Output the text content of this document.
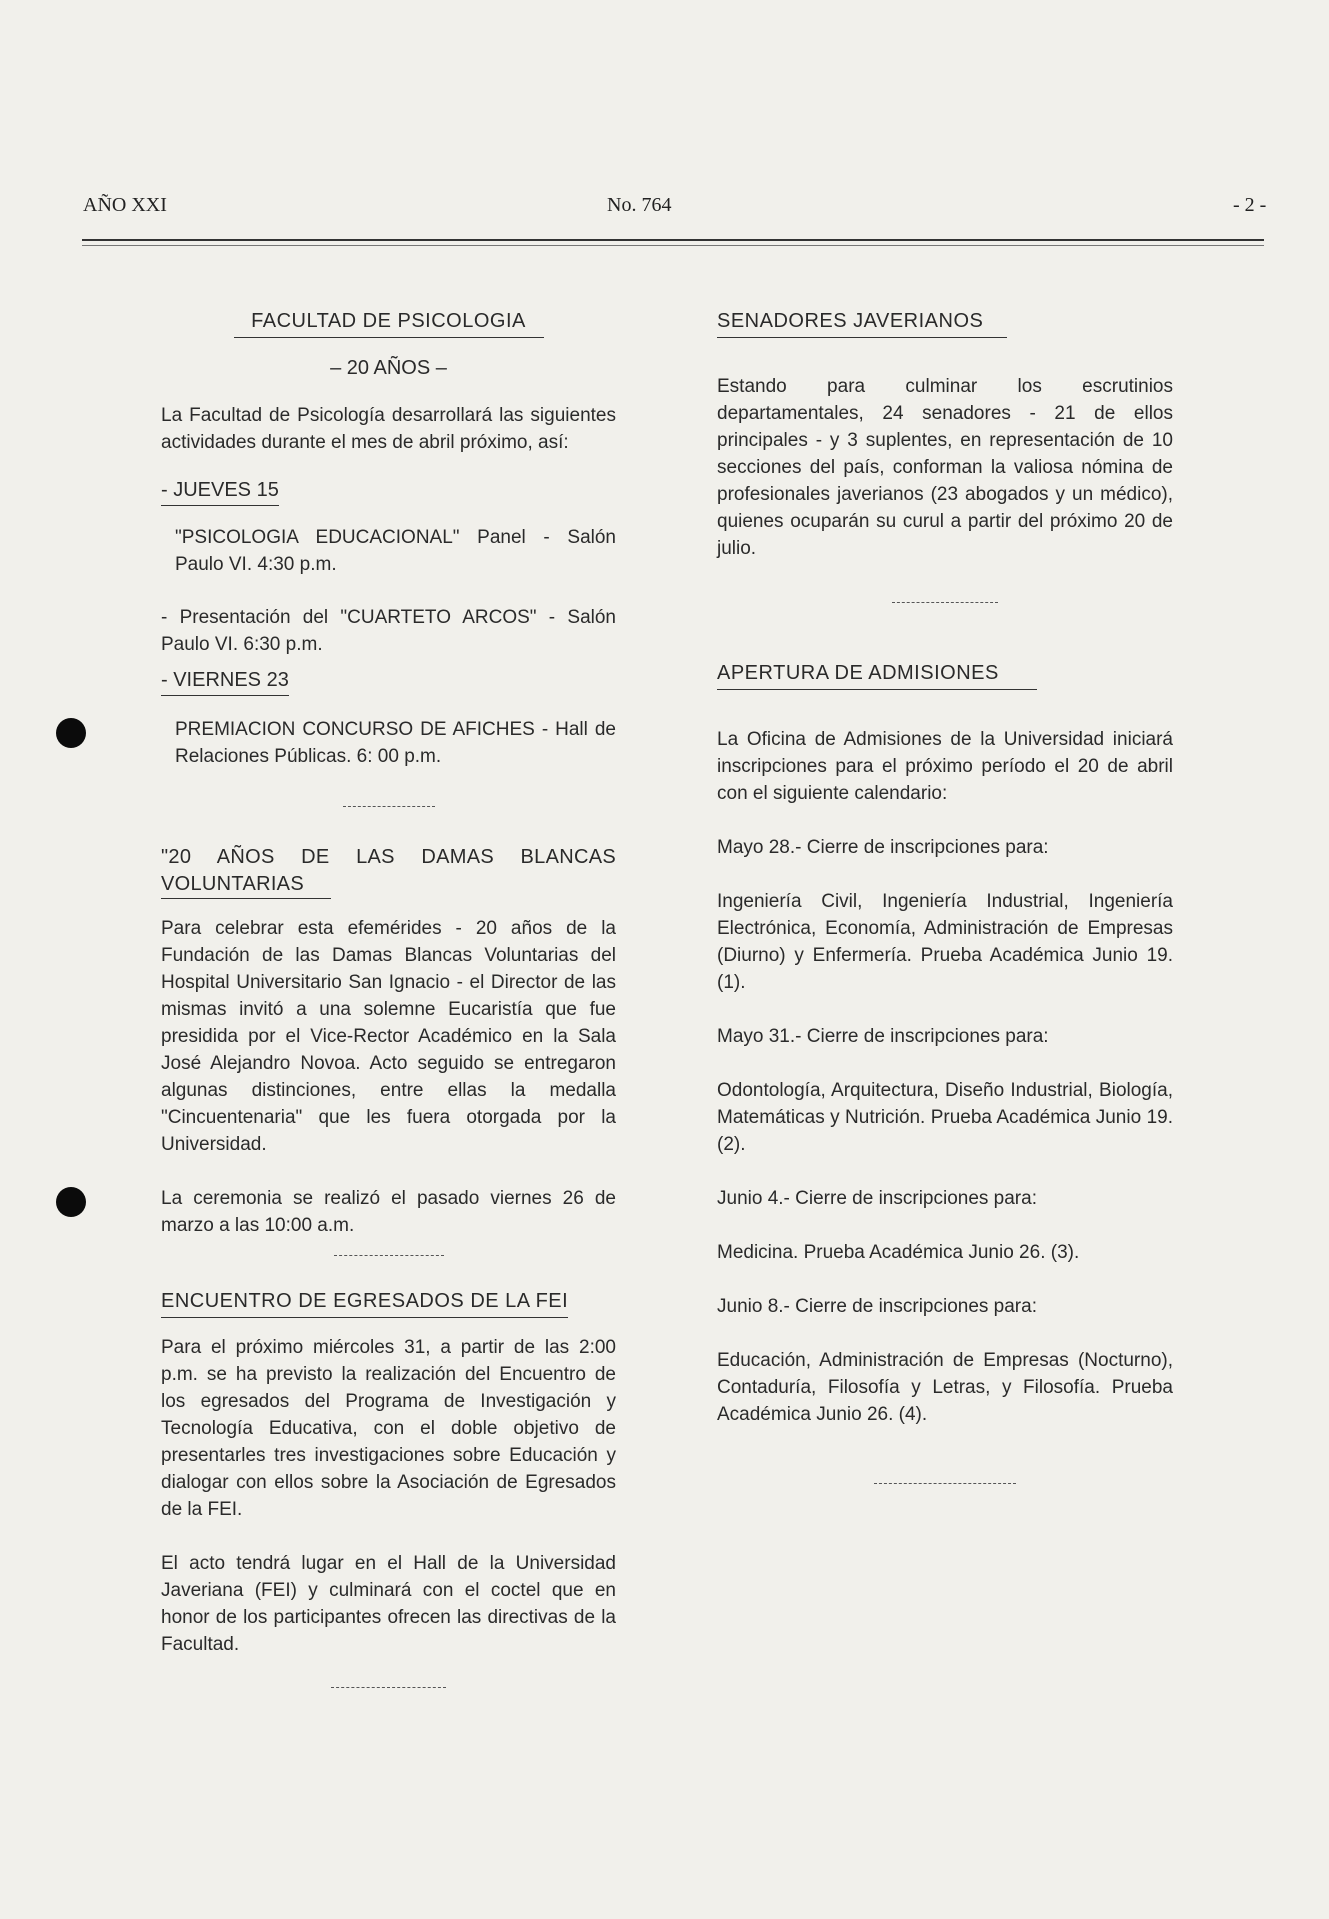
AÑO XXI	No. 764	- 2 -
FACULTAD DE PSICOLOGIA
– 20 AÑOS –

La Facultad de Psicología desarrollará las siguientes actividades durante el mes de abril próximo, así:

- JUEVES 15

"PSICOLOGIA EDUCACIONAL" Panel - Salón Paulo VI. 4:30 p.m.

- Presentación del "CUARTETO ARCOS" - Salón Paulo VI. 6:30 p.m.

- VIERNES 23

PREMIACION CONCURSO DE AFICHES - Hall de Relaciones Públicas. 6: 00 p.m.

"20 AÑOS DE LAS DAMAS BLANCAS VOLUNTARIAS

Para celebrar esta efemérides - 20 años de la Fundación de las Damas Blancas Voluntarias del Hospital Universitario San Ignacio - el Director de las mismas invitó a una solemne Eucaristía que fue presidida por el Vice-Rector Académico en la Sala José Alejandro Novoa. Acto seguido se entregaron algunas distinciones, entre ellas la medalla "Cincuentenaria" que les fuera otorgada por la Universidad.

La ceremonia se realizó el pasado viernes 26 de marzo a las 10:00 a.m.

ENCUENTRO DE EGRESADOS DE LA FEI

Para el próximo miércoles 31, a partir de las 2:00 p.m. se ha previsto la realización del Encuentro de los egresados del Programa de Investigación y Tecnología Educativa, con el doble objetivo de presentarles tres investigaciones sobre Educación y dialogar con ellos sobre la Asociación de Egresados de la FEI.

El acto tendrá lugar en el Hall de la Universidad Javeriana (FEI) y culminará con el coctel que en honor de los participantes ofrecen las directivas de la Facultad.

SENADORES JAVERIANOS

Estando para culminar los escrutinios departamentales, 24 senadores - 21 de ellos principales - y 3 suplentes, en representación de 10 secciones del país, conforman la valiosa nómina de profesionales javerianos (23 abogados y un médico), quienes ocuparán su curul a partir del próximo 20 de julio.

APERTURA DE ADMISIONES

La Oficina de Admisiones de la Universidad iniciará inscripciones para el próximo período el 20 de abril con el siguiente calendario:

Mayo 28.- Cierre de inscripciones para:

Ingeniería Civil, Ingeniería Industrial, Ingeniería Electrónica, Economía, Administración de Empresas (Diurno) y Enfermería. Prueba Académica Junio 19. (1).

Mayo 31.- Cierre de inscripciones para:

Odontología, Arquitectura, Diseño Industrial, Biología, Matemáticas y Nutrición. Prueba Académica Junio 19. (2).

Junio 4.- Cierre de inscripciones para:

Medicina. Prueba Académica Junio 26. (3).

Junio 8.- Cierre de inscripciones para:

Educación, Administración de Empresas (Nocturno), Contaduría, Filosofía y Letras, y Filosofía. Prueba Académica Junio 26. (4).
